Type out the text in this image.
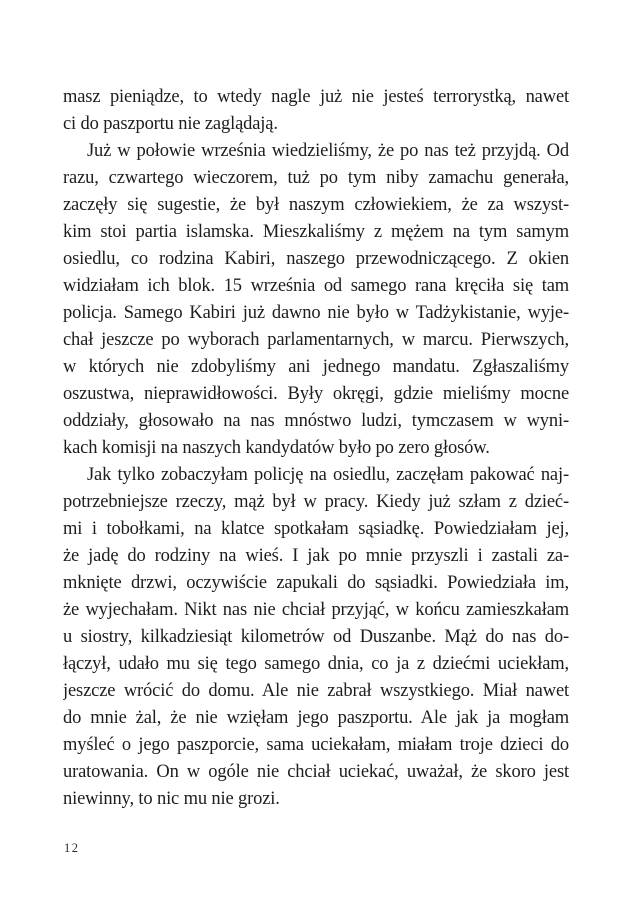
masz pieniądze, to wtedy nagle już nie jesteś terrorystką, nawet
ci do paszportu nie zaglądają.
Już w połowie września wiedzieliśmy, że po nas też przyjdą. Od
razu, czwartego wieczorem, tuż po tym niby zamachu generała,
zaczęły się sugestie, że był naszym człowiekiem, że za wszyst-
kim stoi partia islamska. Mieszkaliśmy z mężem na tym samym
osiedlu, co rodzina Kabiri, naszego przewodniczącego. Z okien
widziałam ich blok. 15 września od samego rana kręciła się tam
policja. Samego Kabiri już dawno nie było w Tadżykistanie, wyje-
chał jeszcze po wyborach parlamentarnych, w marcu. Pierwszych,
w których nie zdobyliśmy ani jednego mandatu. Zgłaszaliśmy
oszustwa, nieprawidłowości. Były okręgi, gdzie mieliśmy mocne
oddziały, głosowało na nas mnóstwo ludzi, tymczasem w wyni-
kach komisji na naszych kandydatów było po zero głosów.
Jak tylko zobaczyłam policję na osiedlu, zaczęłam pakować naj-
potrzebniejsze rzeczy, mąż był w pracy. Kiedy już szłam z dzieć-
mi i tobołkami, na klatce spotkałam sąsiadkę. Powiedziałam jej,
że jadę do rodziny na wieś. I jak po mnie przyszli i zastali za-
mknięte drzwi, oczywiście zapukali do sąsiadki. Powiedziała im,
że wyjechałam. Nikt nas nie chciał przyjąć, w końcu zamieszkałam
u siostry, kilkadziesiąt kilometrów od Duszanbe. Mąż do nas do-
łączył, udało mu się tego samego dnia, co ja z dziećmi uciekłam,
jeszcze wrócić do domu. Ale nie zabrał wszystkiego. Miał nawet
do mnie żal, że nie wzięłam jego paszportu. Ale jak ja mogłam
myśleć o jego paszporcie, sama uciekałam, miałam troje dzieci do
uratowania. On w ogóle nie chciał uciekać, uważał, że skoro jest
niewinny, to nic mu nie grozi.
12
